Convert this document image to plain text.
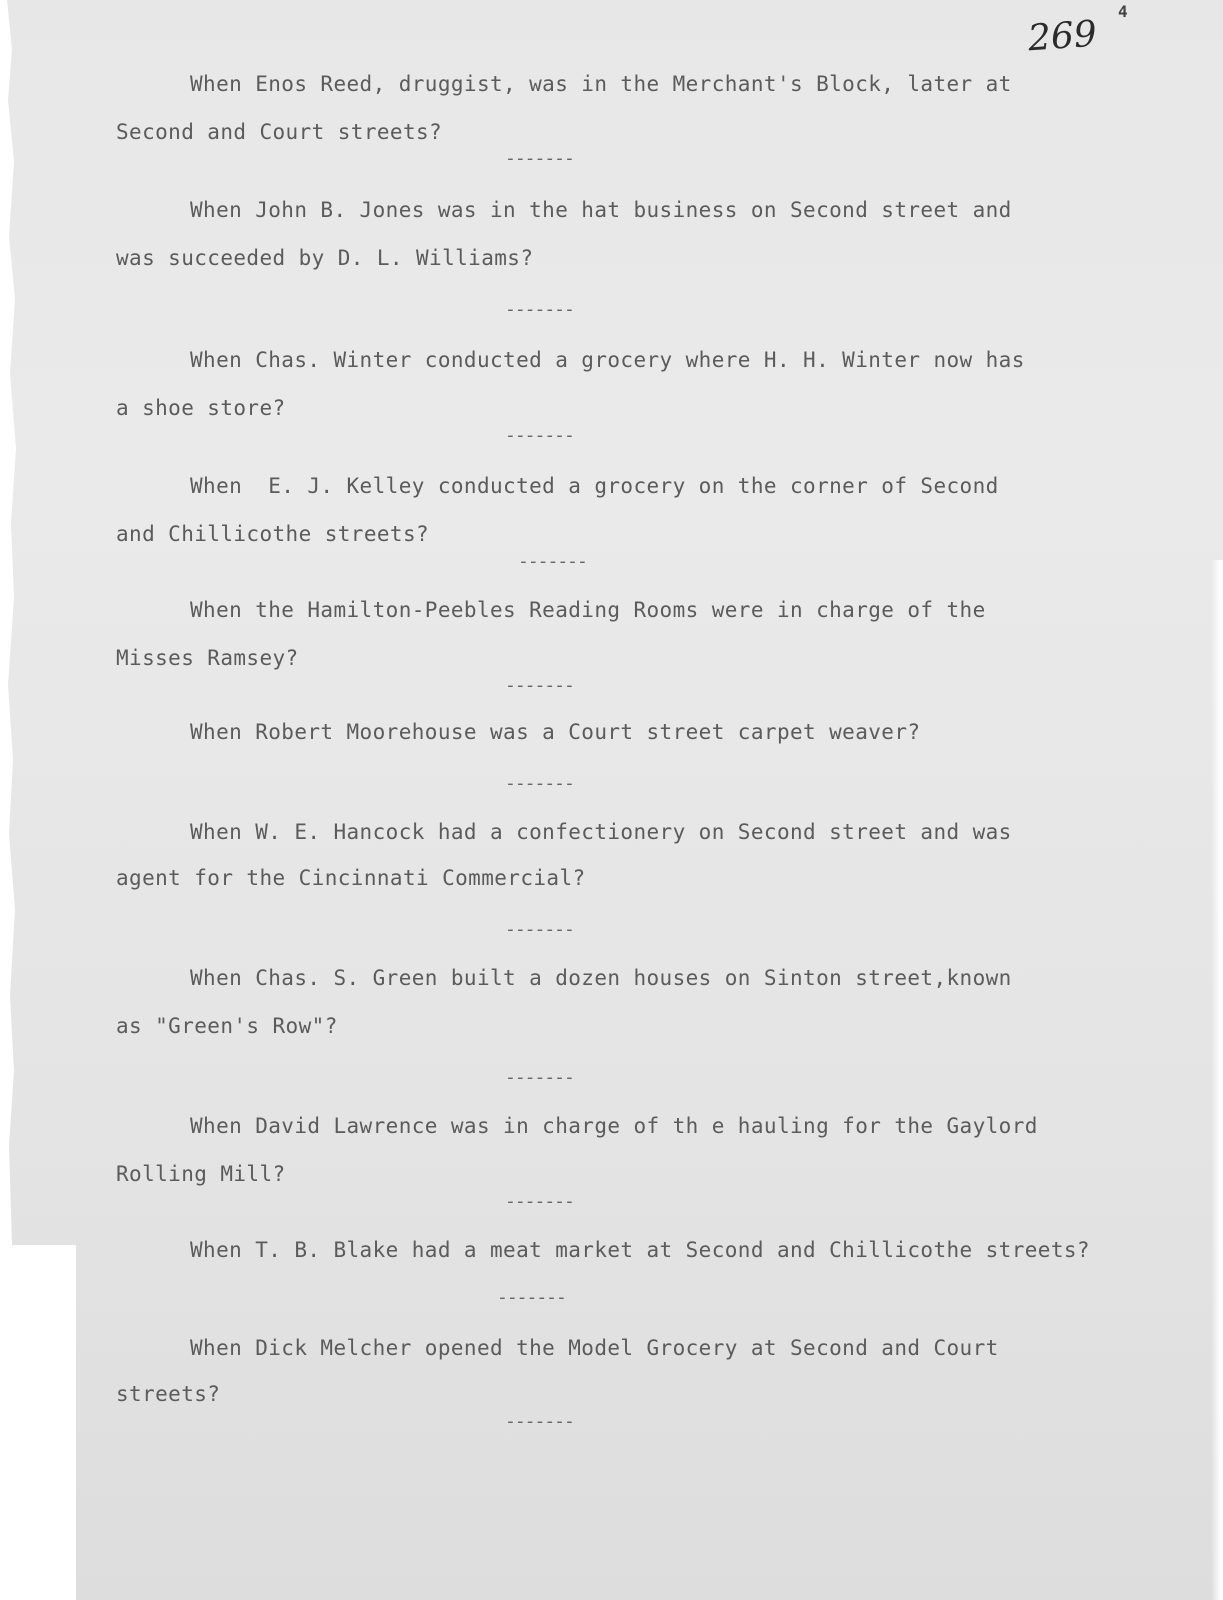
269
4
When Enos Reed, druggist, was in the Merchant's Block, later at
Second and Court streets?
-------
When John B. Jones was in the hat business on Second street and
was succeeded by D. L. Williams?
-------
When Chas. Winter conducted a grocery where H. H. Winter now has
a shoe store?
-------
When  E. J. Kelley conducted a grocery on the corner of Second
and Chillicothe streets?
-------
When the Hamilton-Peebles Reading Rooms were in charge of the
Misses Ramsey?
-------
When Robert Moorehouse was a Court street carpet weaver?
-------
When W. E. Hancock had a confectionery on Second street and was
agent for the Cincinnati Commercial?
-------
When Chas. S. Green built a dozen houses on Sinton street,known
as "Green's Row"?
-------
When David Lawrence was in charge of th e hauling for the Gaylord
Rolling Mill?
-------
When T. B. Blake had a meat market at Second and Chillicothe streets?
-------
When Dick Melcher opened the Model Grocery at Second and Court
streets?
-------
